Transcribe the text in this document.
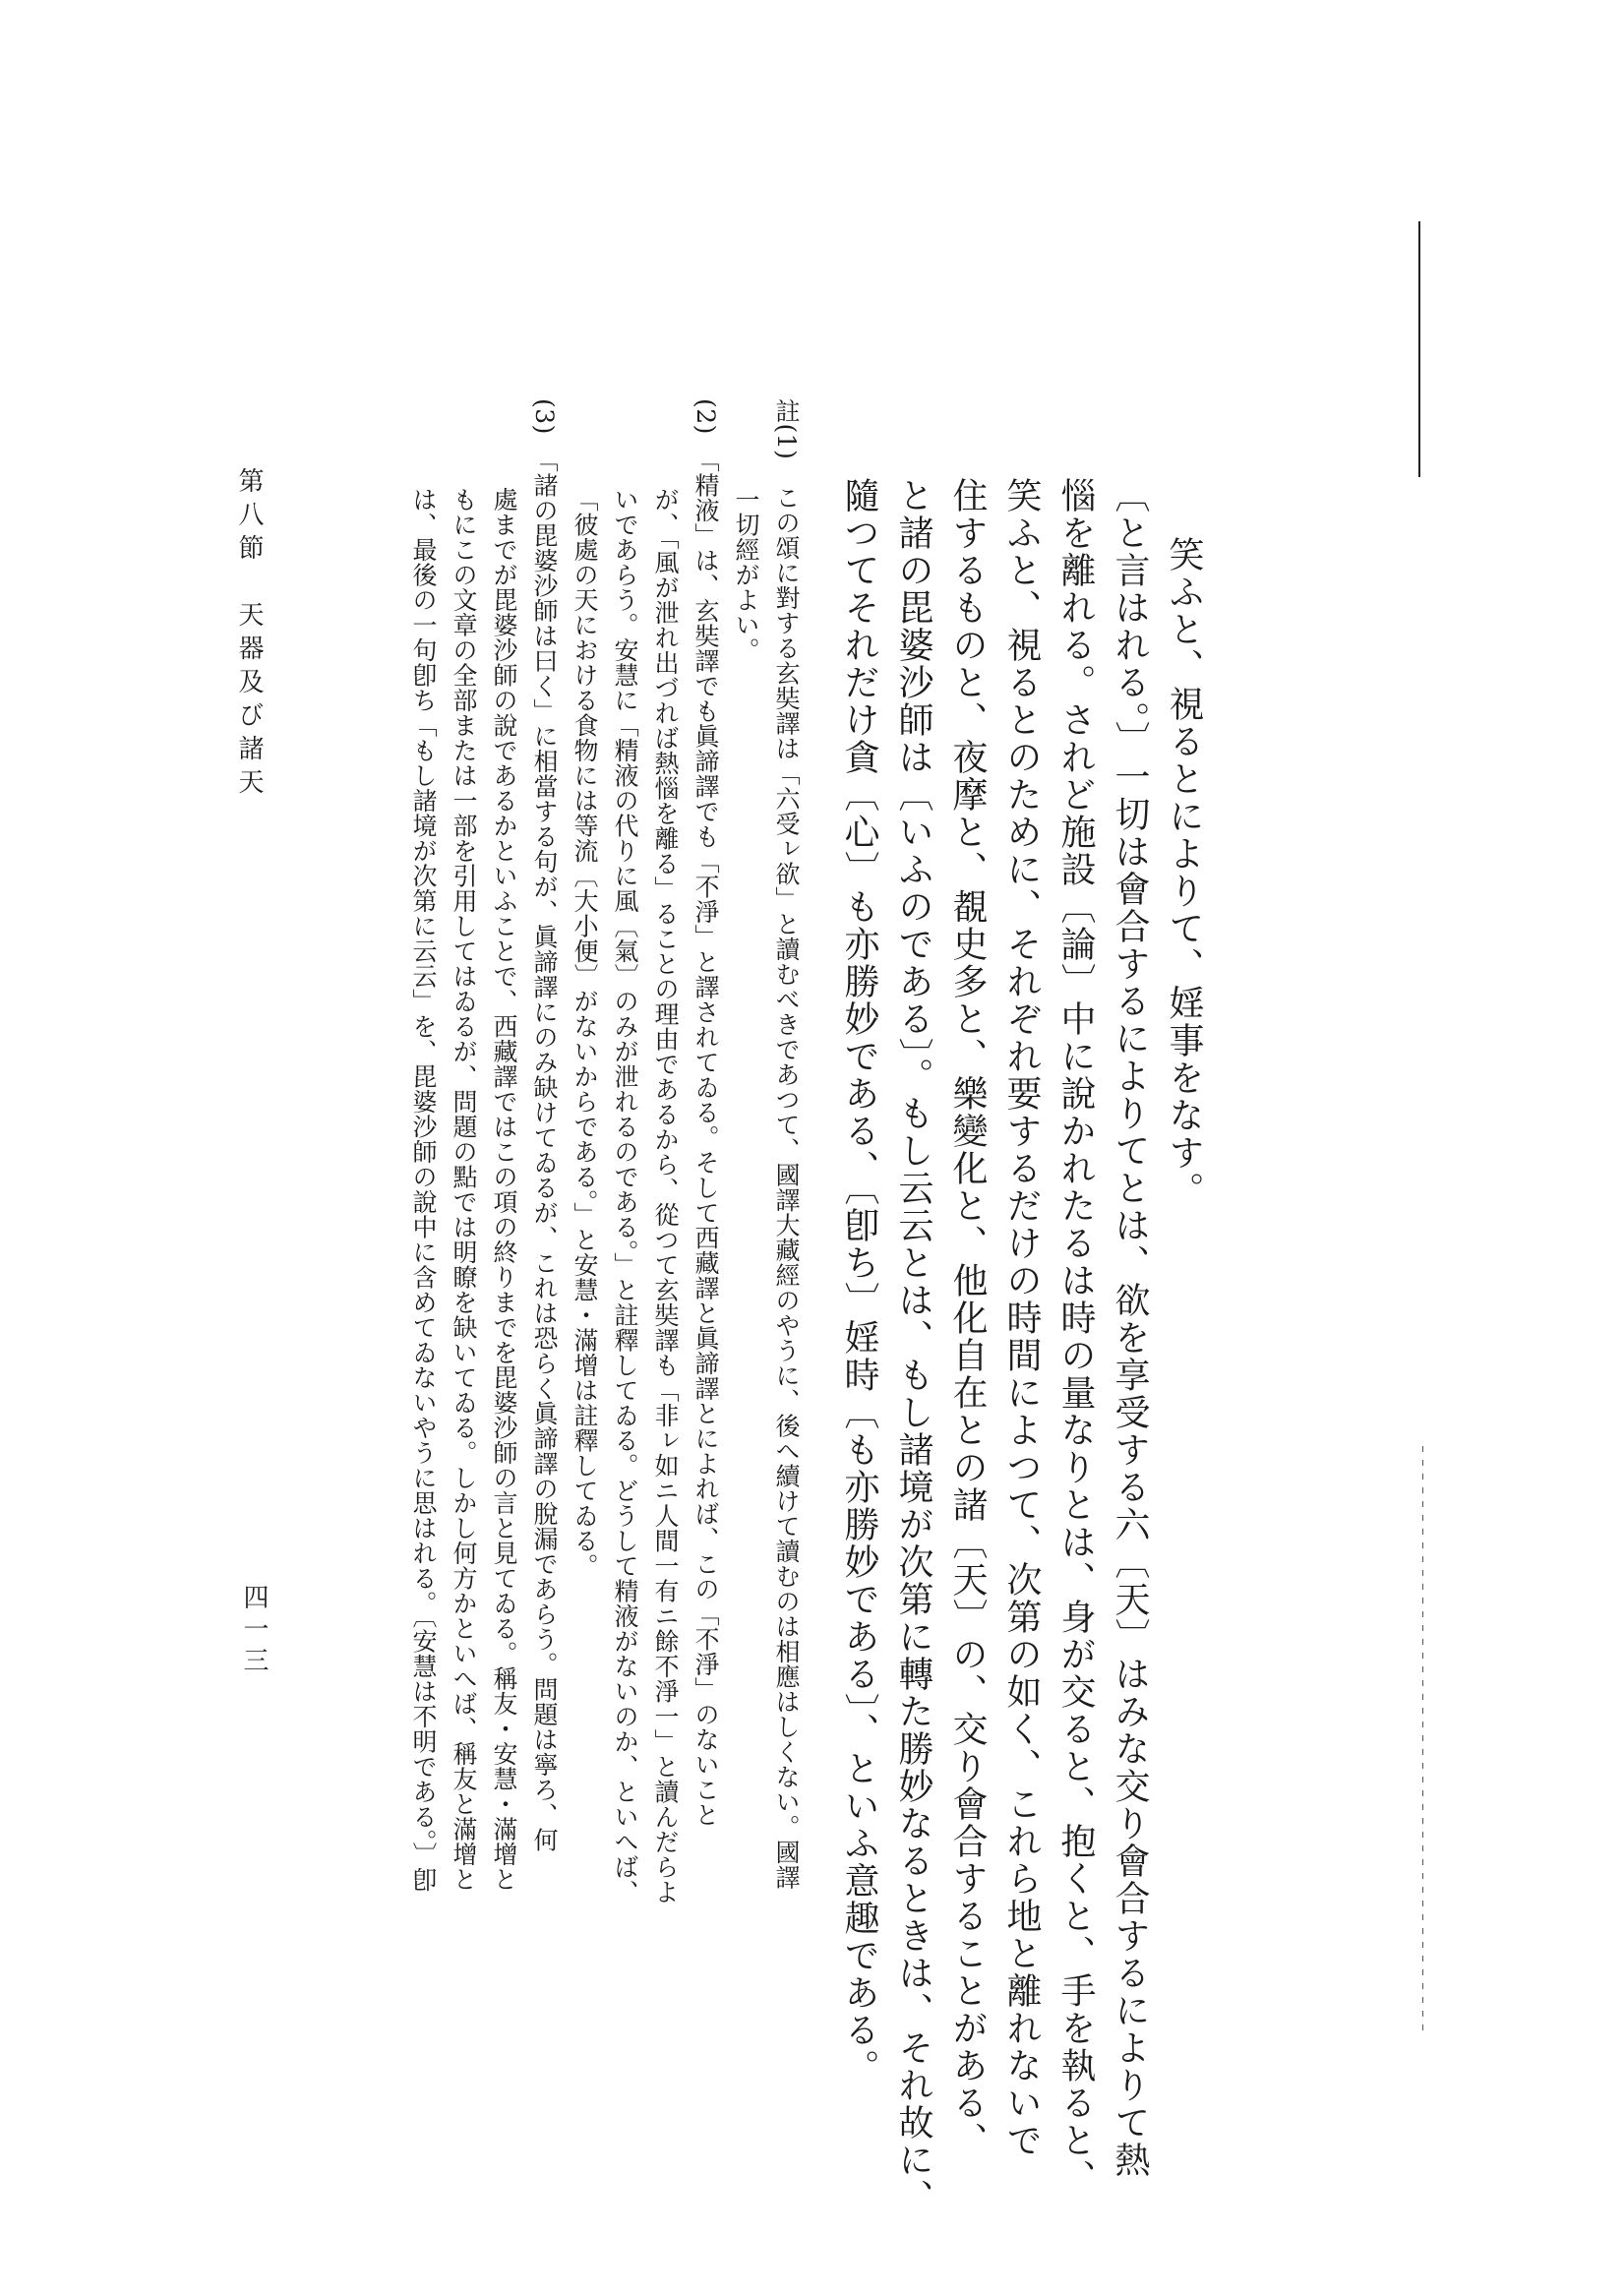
笑ふと、視るとによりて、婬事をなす。
〔と言はれる。〕一切は會合するによりてとは、欲を享受する六〔天〕はみな交り會合するによりて熱
惱を離れる。されど施設〔論〕中に說かれたるは時の量なりとは、身が交ると、抱くと、手を執ると、
笑ふと、視るとのために、それぞれ要するだけの時間によつて、次第の如く、これら地と離れないで
住するものと、夜摩と、覩史多と、樂變化と、他化自在との諸〔天〕の、交り會合することがある、
と諸の毘婆沙師は〔いふのである〕。もし云云とは、もし諸境が次第に轉た勝妙なるときは、それ故に、
隨つてそれだけ貪〔心〕も亦勝妙である、〔卽ち〕婬時〔も亦勝妙である〕、といふ意趣である。
註(1)　この頌に對する玄奘譯は「六受ㇾ欲」と讀むべきであつて、國譯大藏經のやうに、後へ續けて讀むのは相應はしくない。國譯
一切經がよい。
(2)　「精液」は、玄奘譯でも眞諦譯でも「不淨」と譯されてゐる。そして西藏譯と眞諦譯とによれば、この「不淨」のないこと
が、「風が泄れ出づれば熱惱を離る」ることの理由であるから、從つて玄奘譯も「非ㇾ如ニ人間一有ニ餘不淨一」と讀んだらよ
いであらう。安慧に「精液の代りに風〔氣〕のみが泄れるのである。」と註釋してゐる。どうして精液がないのか、といへば、
「彼處の天における食物には等流〔大小便〕がないからである。」と安慧・滿增は註釋してゐる。
(3)　「諸の毘婆沙師は曰く」に相當する句が、眞諦譯にのみ缺けてゐるが、これは恐らく眞諦譯の脫漏であらう。問題は寧ろ、何
處までが毘婆沙師の說であるかといふことで、西藏譯ではこの項の終りまでを毘婆沙師の言と見てゐる。稱友・安慧・滿增と
もにこの文章の全部または一部を引用してはゐるが、問題の點では明瞭を缺いてゐる。しかし何方かといへば、稱友と滿增と
は、最後の一句卽ち「もし諸境が次第に云云」を、毘婆沙師の說中に含めてゐないやうに思はれる。〔安慧は不明である。〕卽
第八節　天器及び諸天
四一三
